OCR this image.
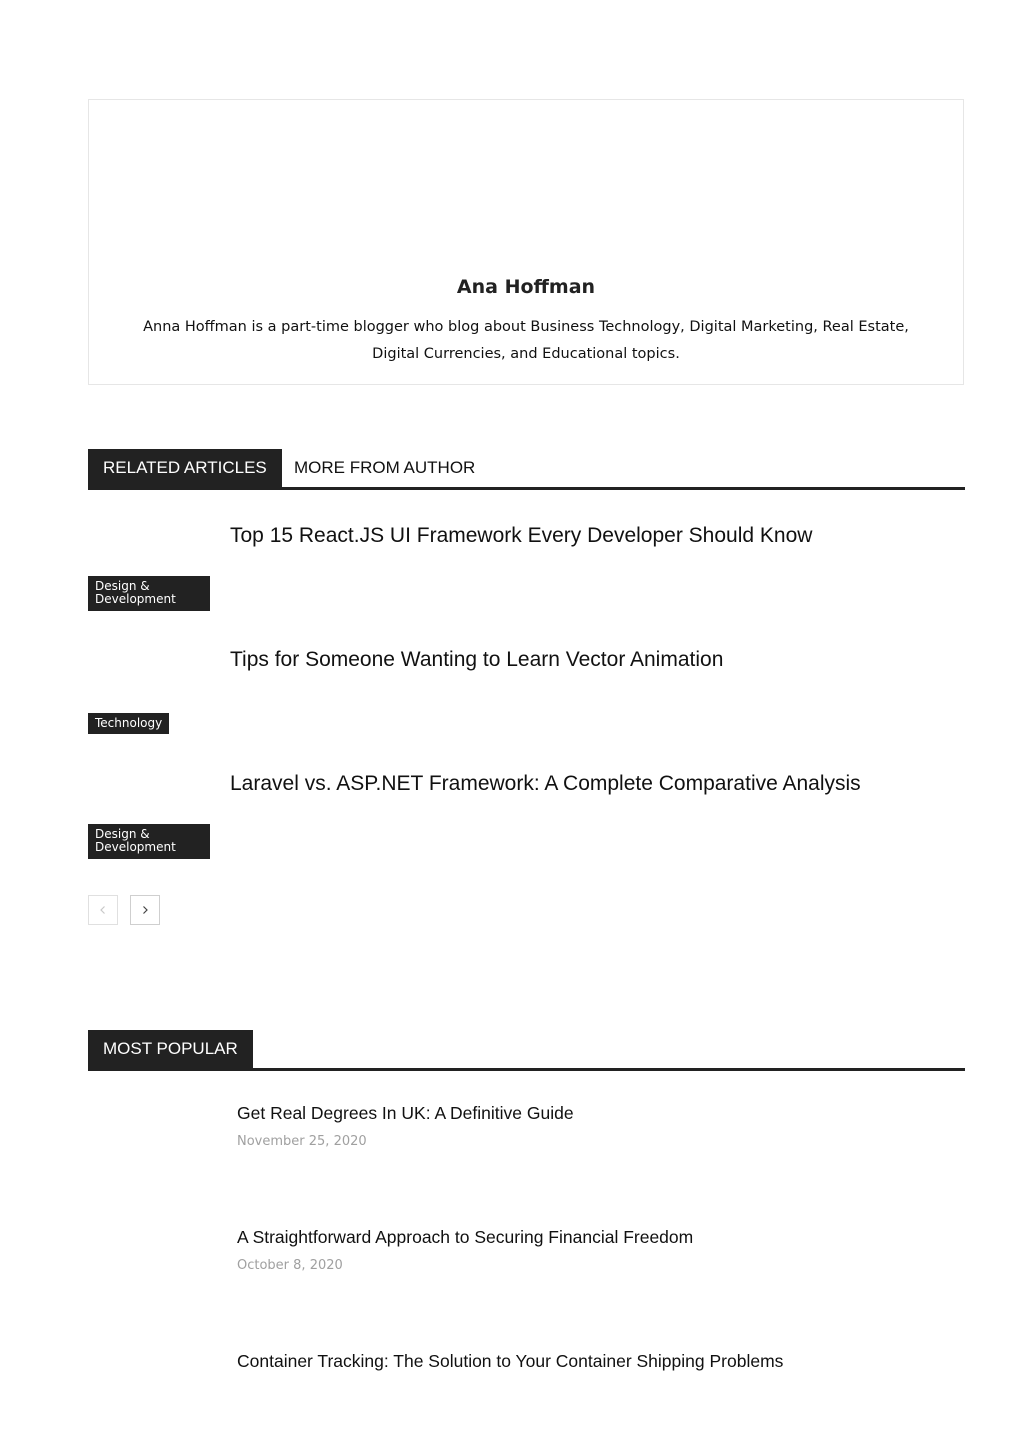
Ana Hoffman
Anna Hoffman is a part-time blogger who blog about Business Technology, Digital Marketing, Real Estate, Digital Currencies, and Educational topics.
RELATED ARTICLES	MORE FROM AUTHOR
Top 15 React.JS UI Framework Every Developer Should Know
Design &
Development
Tips for Someone Wanting to Learn Vector Animation
Technology
Laravel vs. ASP.NET Framework: A Complete Comparative Analysis
Design &
Development
MOST POPULAR
Get Real Degrees In UK: A Definitive Guide
November 25, 2020
A Straightforward Approach to Securing Financial Freedom
October 8, 2020
Container Tracking: The Solution to Your Container Shipping Problems
